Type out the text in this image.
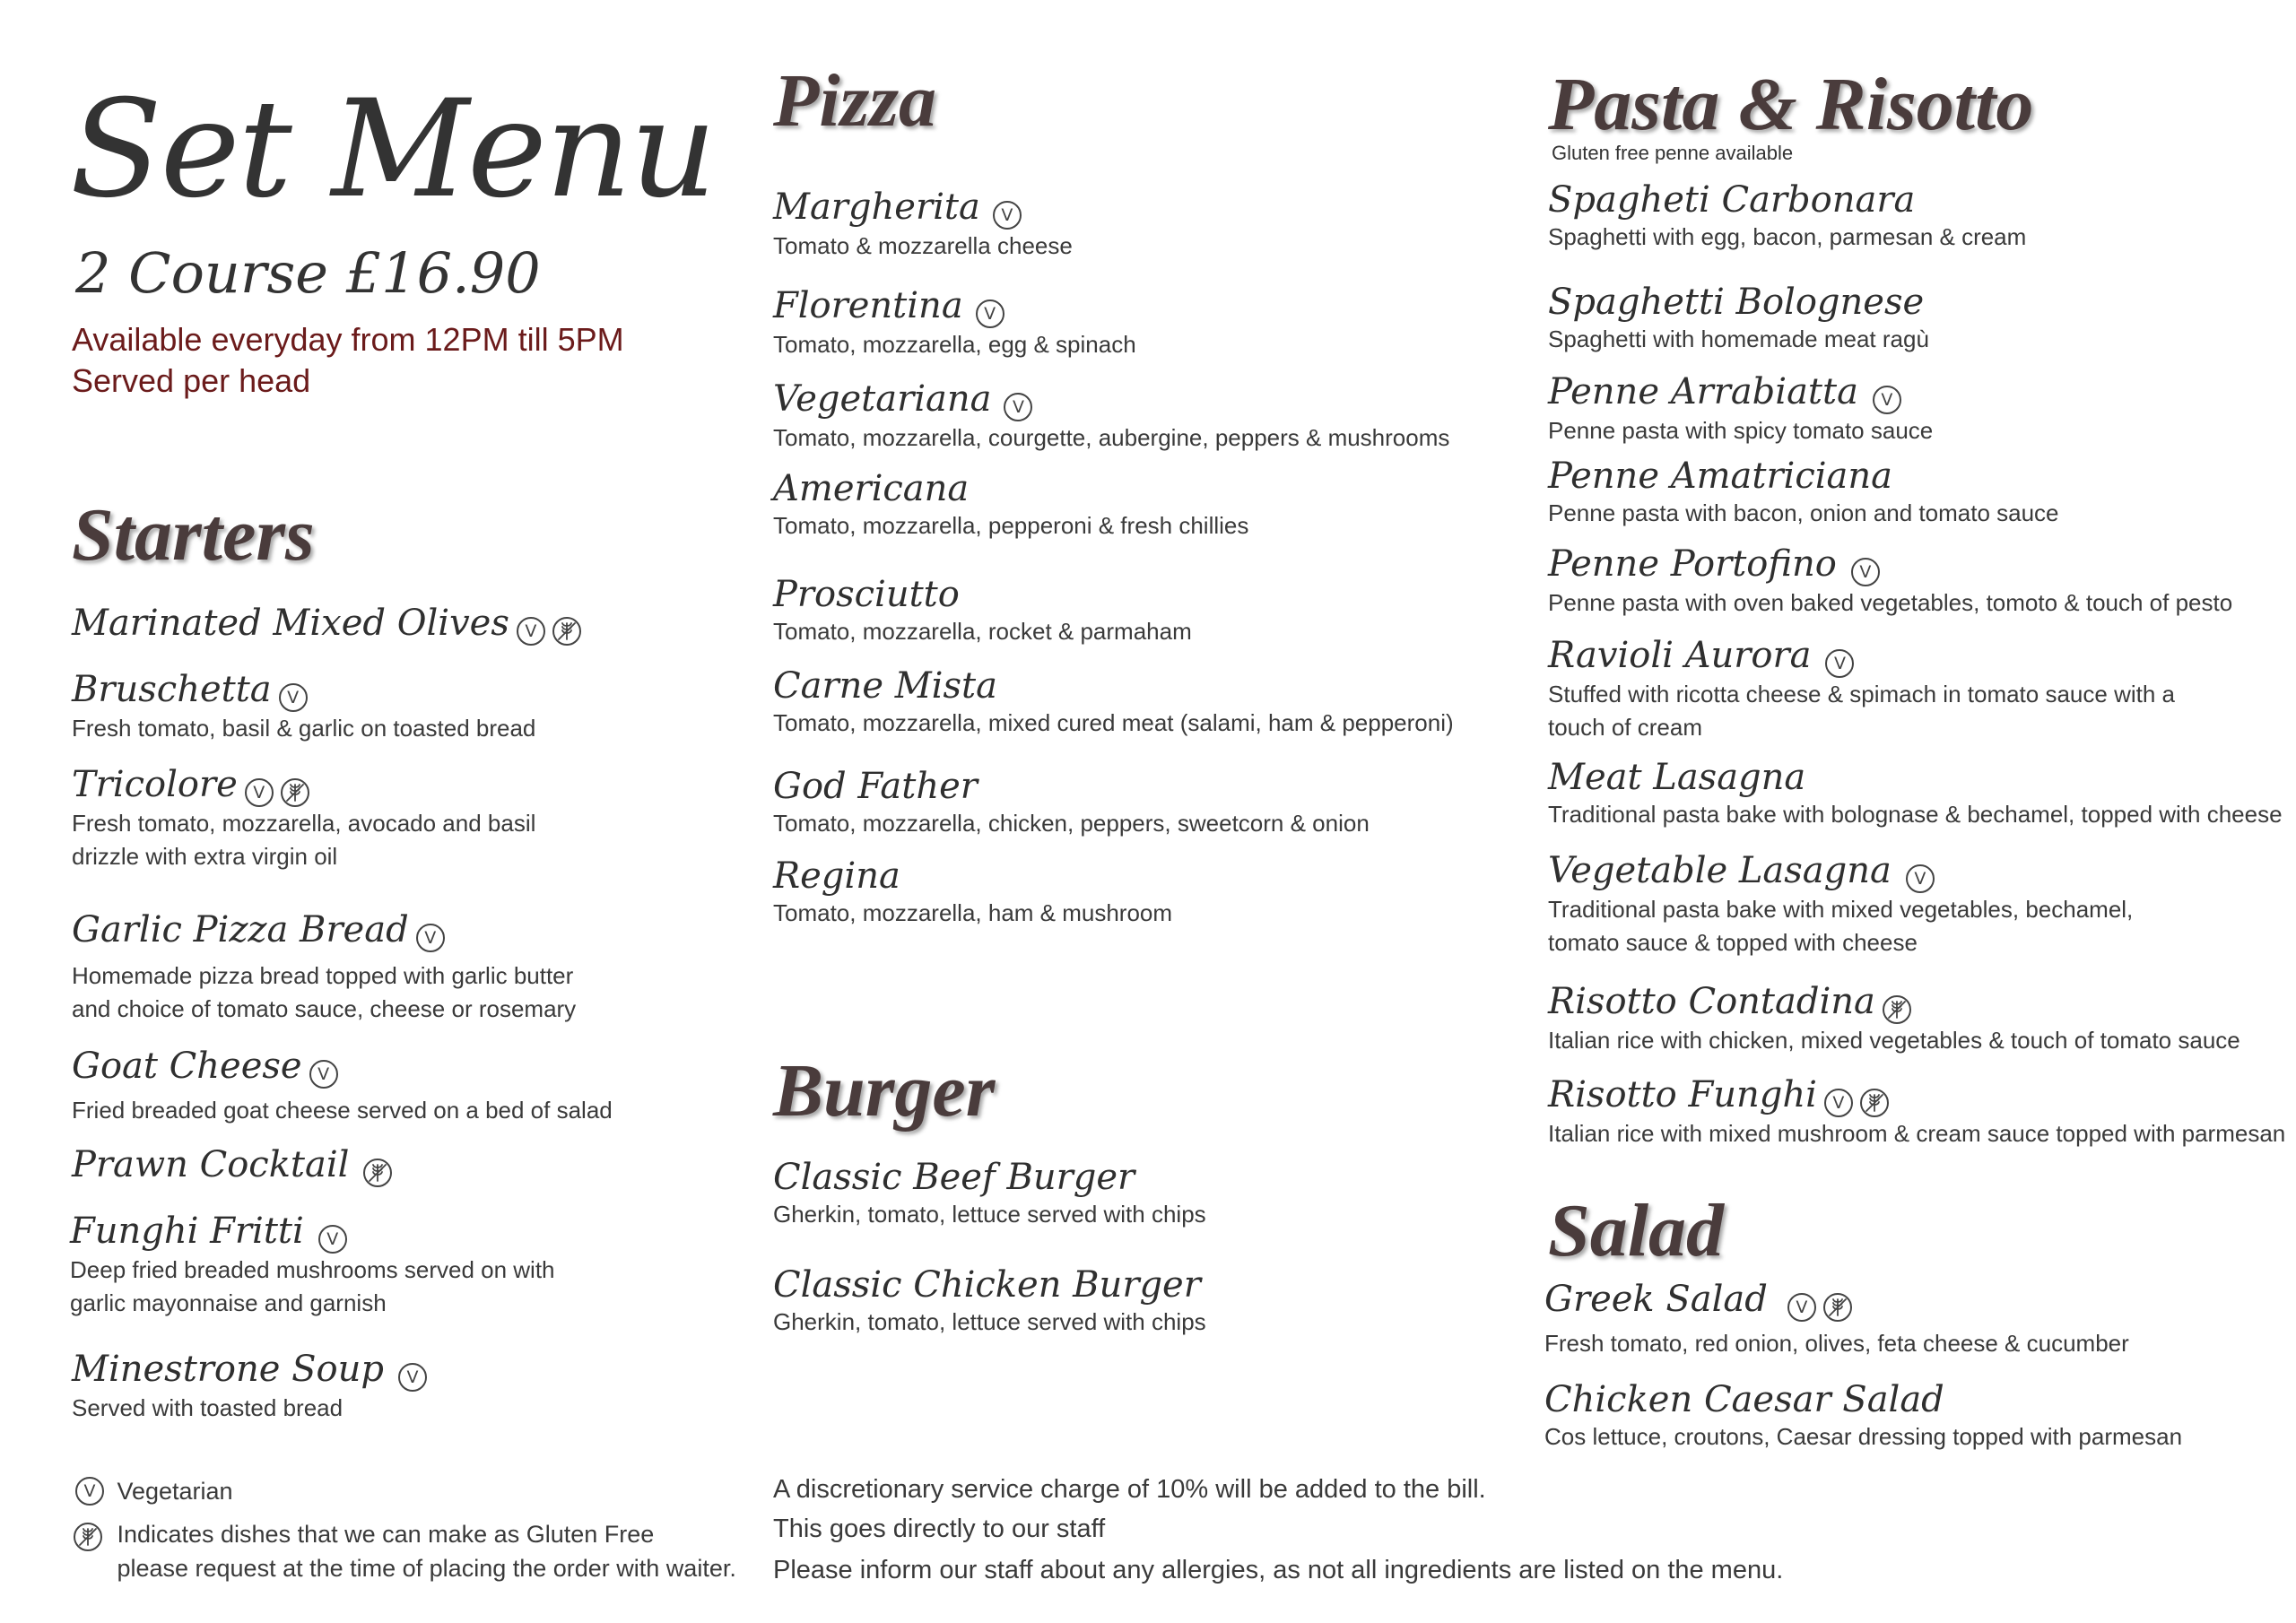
Set Menu
2 Course £16.90
Available everyday from 12PM till 5PM
Served per head
Starters
Marinated Mixed Olives V
Bruschetta V
Fresh tomato, basil & garlic on toasted bread
Tricolore V
Fresh tomato, mozzarella, avocado and basil
drizzle with extra virgin oil
Garlic Pizza Bread V
Homemade pizza bread topped with garlic butter
and choice of tomato sauce, cheese or rosemary
Goat Cheese V
Fried breaded goat cheese served on a bed of salad
Prawn Cocktail
Funghi Fritti V
Deep fried breaded mushrooms served on with
garlic mayonnaise and garnish
Minestrone Soup V
Served with toasted bread
V Vegetarian

Indicates dishes that we can make as Gluten Free
please request at the time of placing the order with waiter.
Pizza
Margherita V
Tomato & mozzarella cheese
Florentina V
Tomato, mozzarella, egg & spinach
Vegetariana V
Tomato, mozzarella, courgette, aubergine, peppers & mushrooms
Americana
Tomato, mozzarella, pepperoni & fresh chillies
Prosciutto
Tomato, mozzarella, rocket & parmaham
Carne Mista
Tomato, mozzarella, mixed cured meat (salami, ham & pepperoni)
God Father
Tomato, mozzarella, chicken, peppers, sweetcorn & onion
Regina
Tomato, mozzarella, ham & mushroom
Burger
Classic Beef Burger
Gherkin, tomato, lettuce served with chips
Classic Chicken Burger
Gherkin, tomato, lettuce served with chips
A discretionary service charge of 10% will be added to the bill.
This goes directly to our staff
Please inform our staff about any allergies, as not all ingredients are listed on the menu.
Pasta & Risotto
Gluten free penne available
Spagheti Carbonara
Spaghetti with egg, bacon, parmesan & cream
Spaghetti Bolognese
Spaghetti with homemade meat ragù
Penne Arrabiatta V
Penne pasta with spicy tomato sauce
Penne Amatriciana
Penne pasta with bacon, onion and tomato sauce
Penne Portofino V
Penne pasta with oven baked vegetables, tomoto & touch of pesto
Ravioli Aurora V
Stuffed with ricotta cheese & spimach in tomato sauce with a
touch of cream
Meat Lasagna
Traditional pasta bake with bolognase & bechamel, topped with cheese
Vegetable Lasagna V
Traditional pasta bake with mixed vegetables, bechamel,
tomato sauce & topped with cheese
Risotto Contadina
Italian rice with chicken, mixed vegetables & touch of tomato sauce
Risotto Funghi V
Italian rice with mixed mushroom & cream sauce topped with parmesan
Salad
Greek Salad V
Fresh tomato, red onion, olives, feta cheese & cucumber
Chicken Caesar Salad
Cos lettuce, croutons, Caesar dressing topped with parmesan
